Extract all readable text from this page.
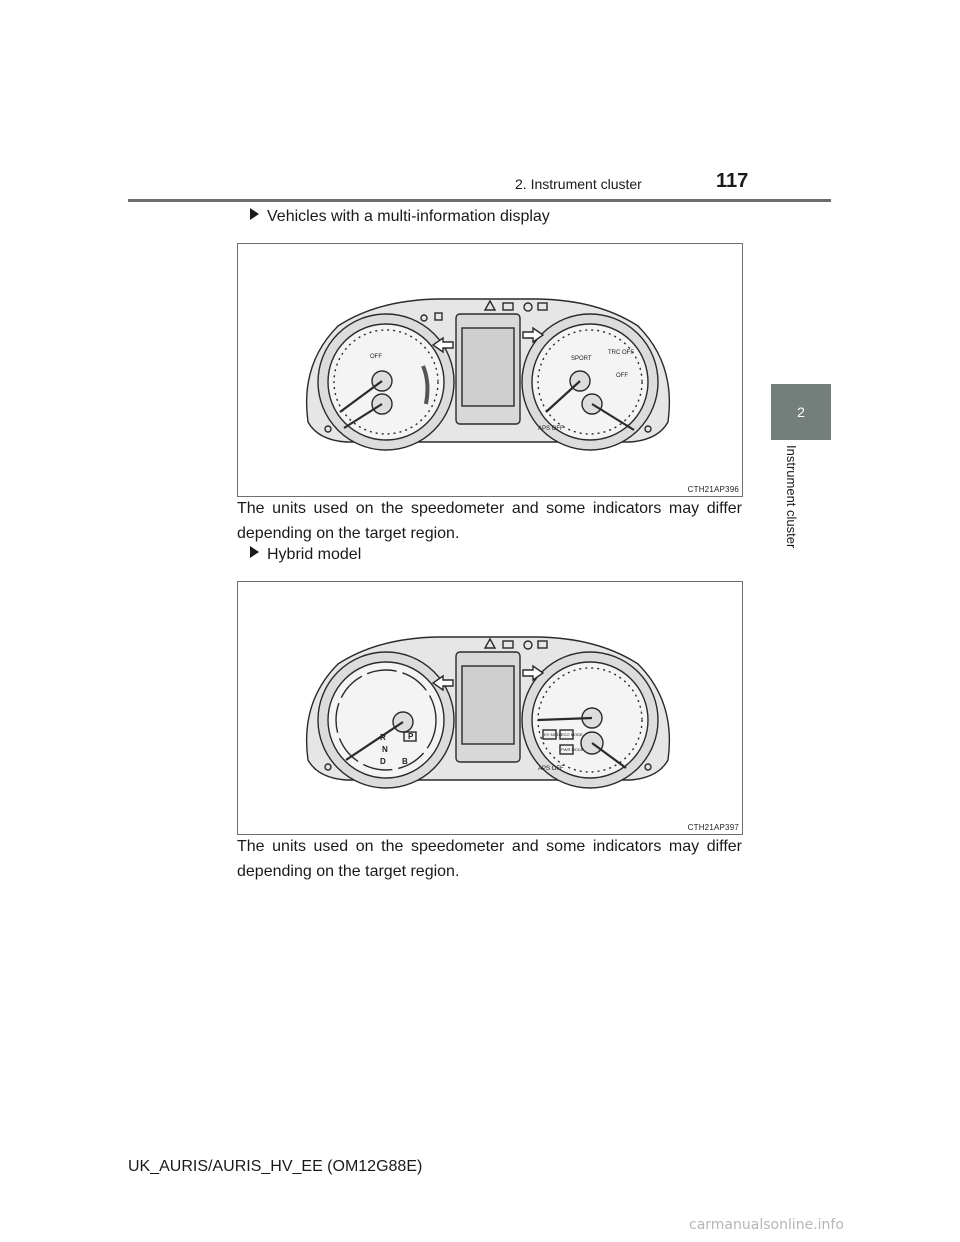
2. Instrument cluster	117
2
Instrument cluster
Vehicles with a multi-information display
OFF	SPORT
TRC OFF
OFF
APS OFF
CTH21AP396
The units used on the speedometer and some indicators may differ depending on the target region.
Hybrid model
R
N
D B
P	EV MODE
ECO MODE
PWR MODE
APS OFF
CTH21AP397
The units used on the speedometer and some indicators may differ depending on the target region.
UK_AURIS/AURIS_HV_EE (OM12G88E)
carmanualsonline.info
